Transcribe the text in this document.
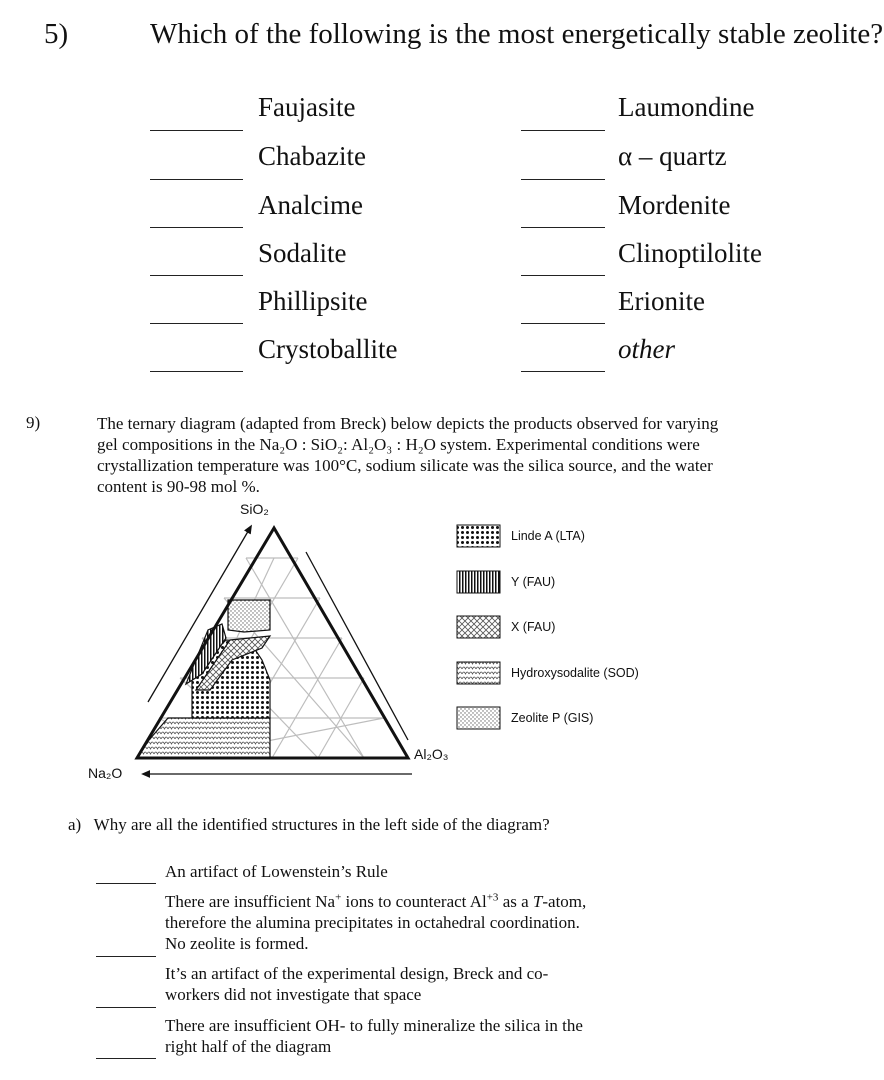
5)	Which of the following is the most energetically stable zeolite?
Faujasite
Chabazite
Analcime
Sodalite
Phillipsite
Crystoballite
Laumondine
α – quartz
Mordenite
Clinoptilolite
Erionite
other
9)	The ternary diagram (adapted from Breck) below depicts the products observed for varying gel compositions in the Na₂O : SiO₂: Al₂O₃ : H₂O system. Experimental conditions were crystallization temperature was 100°C, sodium silicate was the silica source, and the water content is 90-98 mol %.
SiO₂
Na₂O
Al₂O₃
Linde A (LTA)
Y (FAU)
X (FAU)
Hydroxysodalite (SOD)
Zeolite P (GIS)
a) Why are all the identified structures in the left side of the diagram?
An artifact of Lowenstein’s Rule
There are insufficient Na+ ions to counteract $Al^{+3}$ as a T-atom, therefore the alumina precipitates in octahedral coordination. No zeolite is formed.
It’s an artifact of the experimental design, Breck and co-workers did not investigate that space
There are insufficient OH- to fully mineralize the silica in the right half of the diagram
